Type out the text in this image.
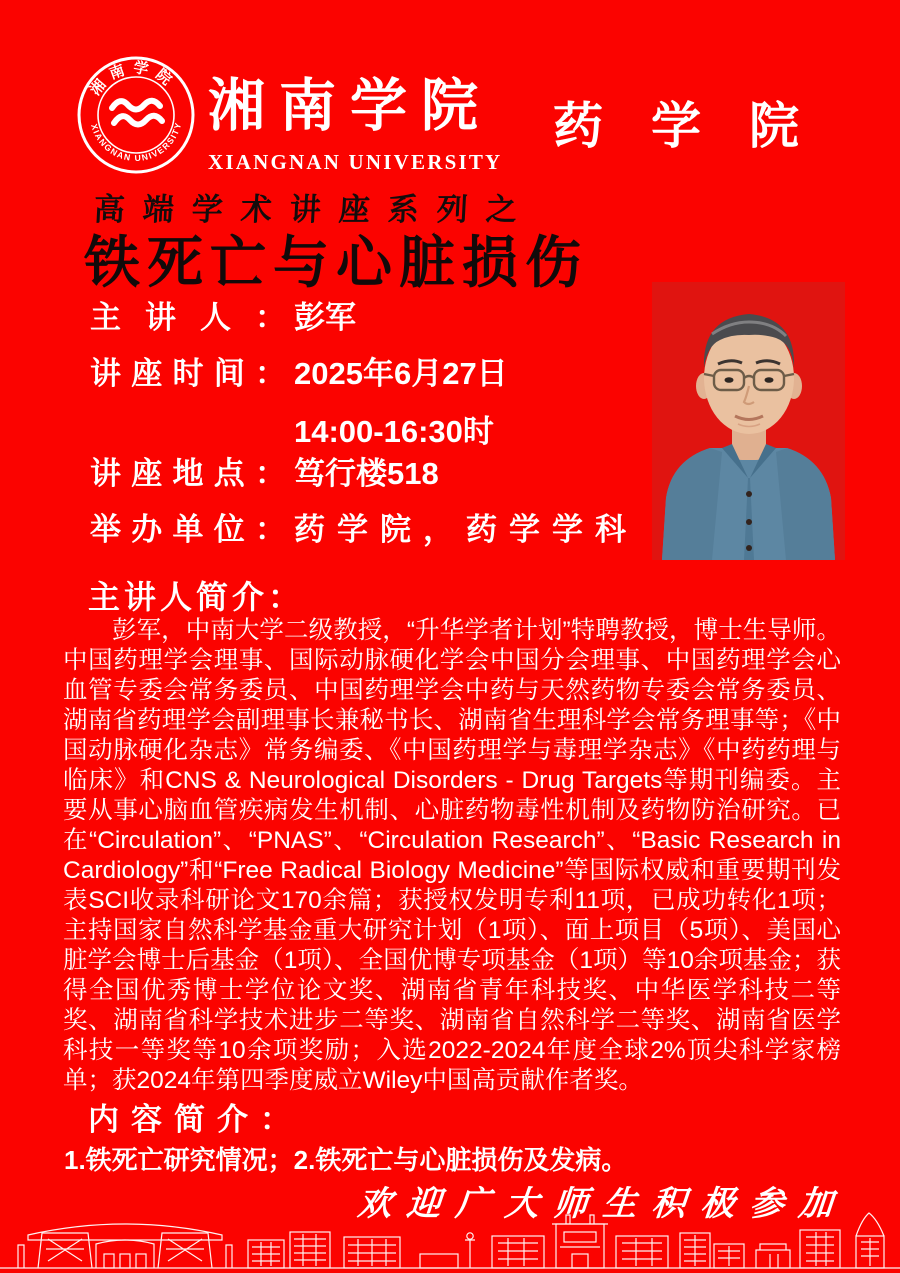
湘南学院
XIANGNAN UNIVERSITY 湘南学院
XIANGNAN UNIVERSITY
药学院
高端学术讲座系列之
铁死亡与心脏损伤
主讲人： 彭军
讲座时间： 2025年6月27日
14:00-16:30时
讲座地点： 笃行楼518
举办单位： 药学院，药学学科
主讲人简介：
彭军，中南大学二级教授，“升华学者计划”特聘教授，博士生导师。中国药理学会理事、国际动脉硬化学会中国分会理事、中国药理学会心血管专委会常务委员、中国药理学会中药与天然药物专委会常务委员、湖南省药理学会副理事长兼秘书长、湖南省生理科学会常务理事等；《中国动脉硬化杂志》常务编委、《中国药理学与毒理学杂志》《中药药理与临床》和CNS & Neurological Disorders - Drug Targets等期刊编委。主要从事心脑血管疾病发生机制、心脏药物毒性机制及药物防治研究。已在“Circulation”、“PNAS”、“Circulation Research”、“Basic Research in Cardiology”和“Free Radical Biology Medicine”等国际权威和重要期刊发表SCI收录科研论文170余篇；获授权发明专利11项，已成功转化1项；主持国家自然科学基金重大研究计划（1项）、面上项目（5项）、美国心脏学会博士后基金（1项）、全国优博专项基金（1项）等10余项基金；获得全国优秀博士学位论文奖、湖南省青年科技奖、中华医学科技二等奖、湖南省科学技术进步二等奖、湖南省自然科学二等奖、湖南省医学科技一等奖等10余项奖励；入选2022-2024年度全球2%顶尖科学家榜单；获2024年第四季度威立Wiley中国高贡献作者奖。
内容简介：
1.铁死亡研究情况；2.铁死亡与心脏损伤及发病。
欢迎广大师生积极参加
